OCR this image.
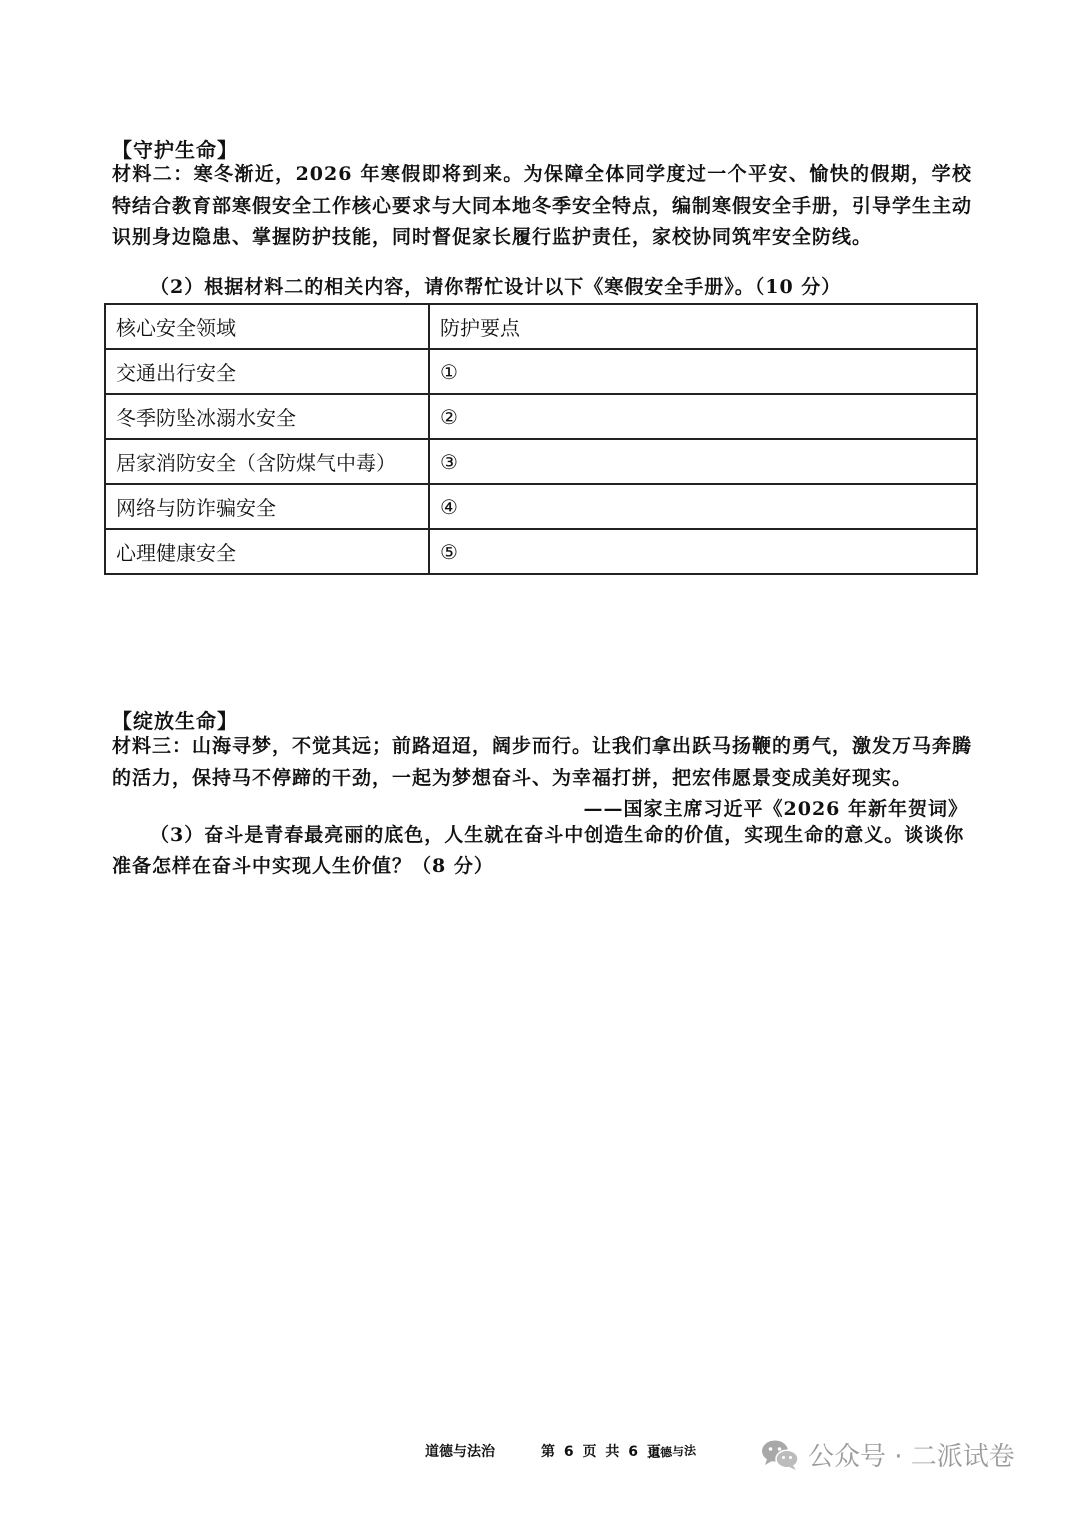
【守护生命】
材料二：寒冬渐近，2026 年寒假即将到来。为保障全体同学度过一个平安、愉快的假期，学校特结合教育部寒假安全工作核心要求与大同本地冬季安全特点，编制寒假安全手册，引导学生主动识别身边隐患、掌握防护技能，同时督促家长履行监护责任，家校协同筑牢安全防线。
（2）根据材料二的相关内容，请你帮忙设计以下《寒假安全手册》。（10 分）
核心安全领域	防护要点
交通出行安全	①
冬季防坠冰溺水安全	②
居家消防安全（含防煤气中毒）	③
网络与防诈骗安全	④
心理健康安全	⑤
【绽放生命】
材料三：山海寻梦，不觉其远；前路迢迢，阔步而行。让我们拿出跃马扬鞭的勇气，激发万马奔腾的活力，保持马不停蹄的干劲，一起为梦想奋斗、为幸福打拼，把宏伟愿景变成美好现实。
——国家主席习近平《2026 年新年贺词》
（3）奋斗是青春最亮丽的底色，人生就在奋斗中创造生命的价值，实现生命的意义。谈谈你准备怎样在奋斗中实现人生价值？（8 分）
道德与法治	第 6 页 共 6 页
道德与法	公众号 · 二派试卷
